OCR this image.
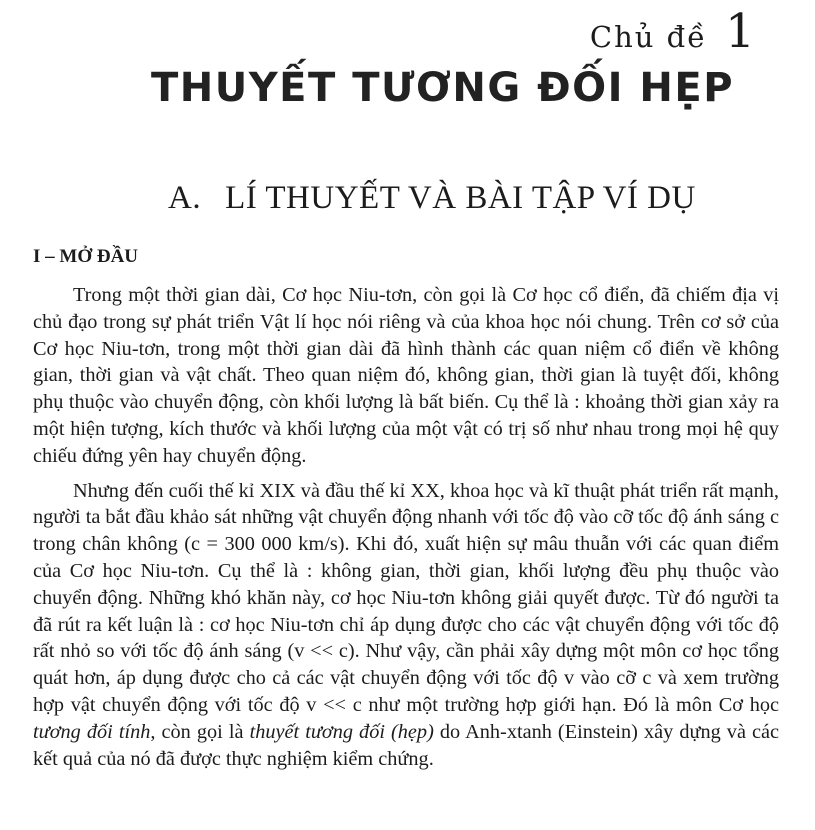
Chủ đề 1
THUYẾT TƯƠNG ĐỐI HẸP
A. LÍ THUYẾT VÀ BÀI TẬP VÍ DỤ
I – MỞ ĐẦU

Trong một thời gian dài, Cơ học Niu-tơn, còn gọi là Cơ học cổ điển, đã chiếm địa vị chủ đạo trong sự phát triển Vật lí học nói riêng và của khoa học nói chung. Trên cơ sở của Cơ học Niu-tơn, trong một thời gian dài đã hình thành các quan niệm cổ điển về không gian, thời gian và vật chất. Theo quan niệm đó, không gian, thời gian là tuyệt đối, không phụ thuộc vào chuyển động, còn khối lượng là bất biến. Cụ thể là : khoảng thời gian xảy ra một hiện tượng, kích thước và khối lượng của một vật có trị số như nhau trong mọi hệ quy chiếu đứng yên hay chuyển động.

Nhưng đến cuối thế kỉ XIX và đầu thế kỉ XX, khoa học và kĩ thuật phát triển rất mạnh, người ta bắt đầu khảo sát những vật chuyển động nhanh với tốc độ vào cỡ tốc độ ánh sáng c trong chân không (c = 300 000 km/s). Khi đó, xuất hiện sự mâu thuẫn với các quan điểm của Cơ học Niu-tơn. Cụ thể là : không gian, thời gian, khối lượng đều phụ thuộc vào chuyển động. Những khó khăn này, cơ học Niu-tơn không giải quyết được. Từ đó người ta đã rút ra kết luận là : cơ học Niu-tơn chỉ áp dụng được cho các vật chuyển động với tốc độ rất nhỏ so với tốc độ ánh sáng (v << c). Như vậy, cần phải xây dựng một môn cơ học tổng quát hơn, áp dụng được cho cả các vật chuyển động với tốc độ v vào cỡ c và xem trường hợp vật chuyển động với tốc độ v << c như một trường hợp giới hạn. Đó là môn Cơ học tương đối tính, còn gọi là thuyết tương đối (hẹp) do Anh-xtanh (Einstein) xây dựng và các kết quả của nó đã được thực nghiệm kiểm chứng.
